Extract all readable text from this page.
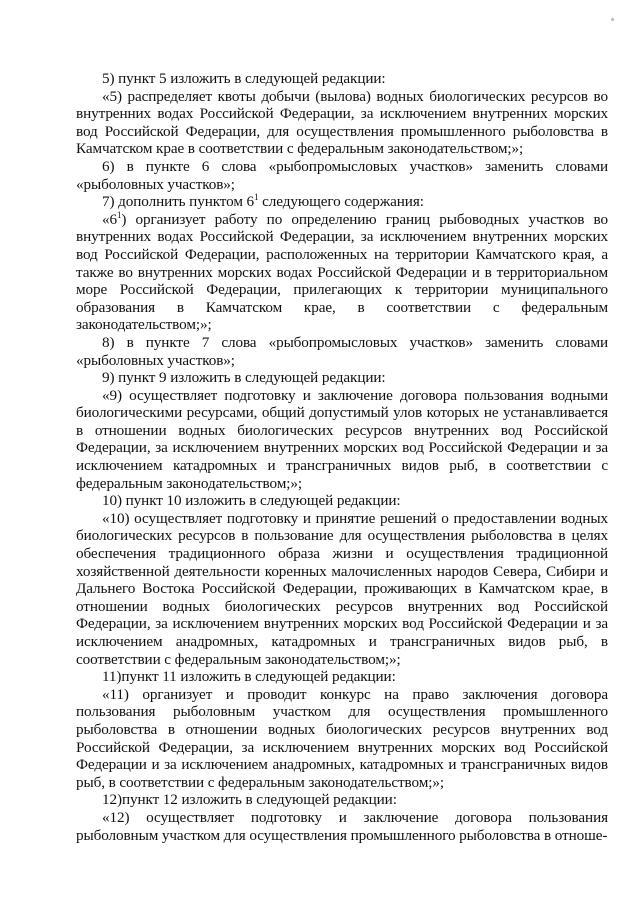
5) пункт 5 изложить в следующей редакции:

«5) распределяет квоты добычи (вылова) водных биологических ресурсов во внутренних водах Российской Федерации, за исключением внутренних морских вод Российской Федерации, для осуществления промышленного рыболовства в Камчатском крае в соответствии с федеральным законодательством;»;

6) в пункте 6 слова «рыбопромысловых участков» заменить словами «рыболовных участков»;

7) дополнить пунктом $6^1$ следующего содержания:

«$6^1$) организует работу по определению границ рыбоводных участков во внутренних водах Российской Федерации, за исключением внутренних морских вод Российской Федерации, расположенных на территории Камчатского края, а также во внутренних морских водах Российской Федерации и в территориальном море Российской Федерации, прилегающих к территории муниципального образования в Камчатском крае, в соответствии с федеральным законодательством;»;

8) в пункте 7 слова «рыбопромысловых участков» заменить словами «рыболовных участков»;

9) пункт 9 изложить в следующей редакции:

«9) осуществляет подготовку и заключение договора пользования водными биологическими ресурсами, общий допустимый улов которых не устанавливается в отношении водных биологических ресурсов внутренних вод Российской Федерации, за исключением внутренних морских вод Российской Федерации и за исключением катадромных и трансграничных видов рыб, в соответствии с федеральным законодательством;»;

10) пункт 10 изложить в следующей редакции:

«10) осуществляет подготовку и принятие решений о предоставлении водных биологических ресурсов в пользование для осуществления рыболовства в целях обеспечения традиционного образа жизни и осуществления традиционной хозяйственной деятельности коренных малочисленных народов Севера, Сибири и Дальнего Востока Российской Федерации, проживающих в Камчатском крае, в отношении водных биологических ресурсов внутренних вод Российской Федерации, за исключением внутренних морских вод Российской Федерации и за исключением анадромных, катадромных и трансграничных видов рыб, в соответствии с федеральным законодательством;»;

11)пункт 11 изложить в следующей редакции:

«11) организует и проводит конкурс на право заключения договора пользования рыболовным участком для осуществления промышленного рыболовства в отношении водных биологических ресурсов внутренних вод Российской Федерации, за исключением внутренних морских вод Российской Федерации и за исключением анадромных, катадромных и трансграничных видов рыб, в соответствии с федеральным законодательством;»;

12)пункт 12 изложить в следующей редакции:

«12) осуществляет подготовку и заключение договора пользования рыболовным участком для осуществления промышленного рыболовства в отноше-
